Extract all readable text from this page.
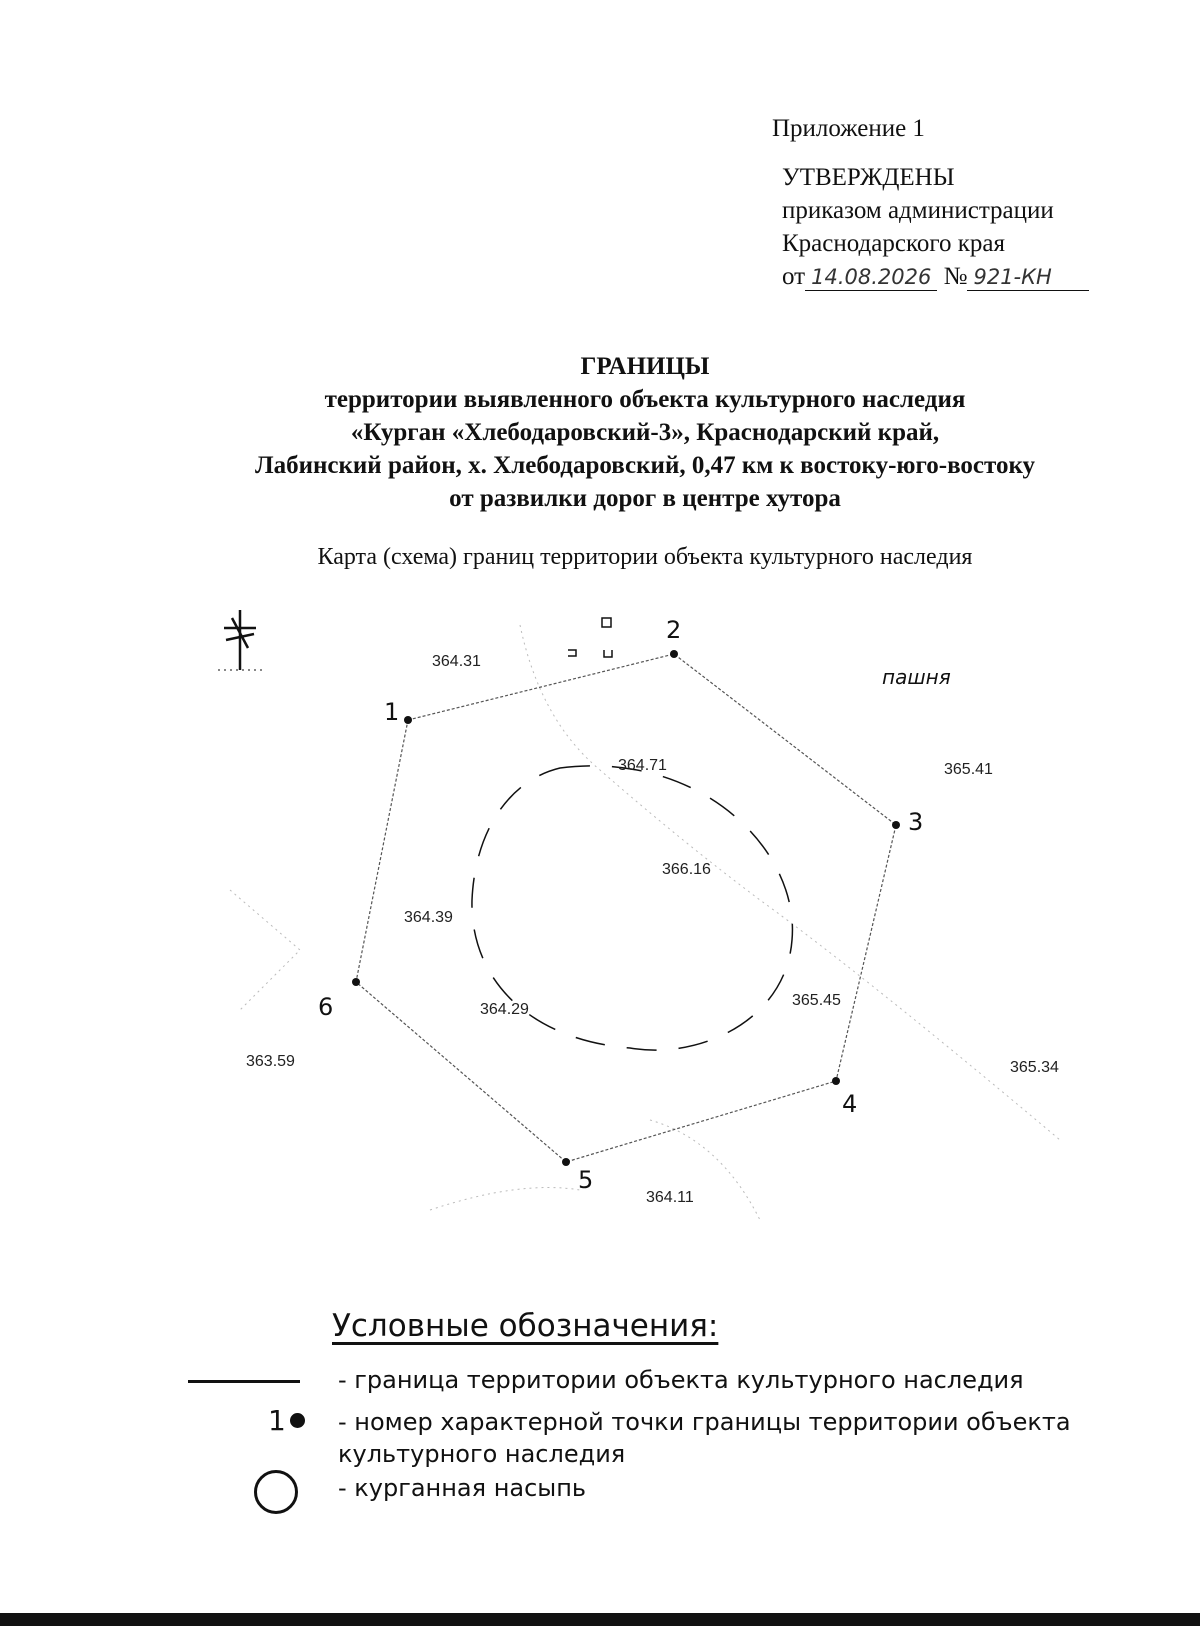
Приложение 1
УТВЕРЖДЕНЫ
приказом администрации
Краснодарского края
от 14.08.2026 № 921-КН
ГРАНИЦЫ
территории выявленного объекта культурного наследия
«Курган «Хлебодаровский-3», Краснодарский край,
Лабинский район, х. Хлебодаровский, 0,47 км к востоку-юго-востоку
от развилки дорог в центре хутора
Карта (схема) границ территории объекта культурного наследия
1
2
3
4
5
6
пашня
364.31
364.71	365.41
366.16
364.39
364.29
365.45
363.59	365.34
364.11
Условные обозначения:
- граница территории объекта культурного наследия
1	- номер характерной точки границы территории объекта
культурного наследия
- курганная насыпь
